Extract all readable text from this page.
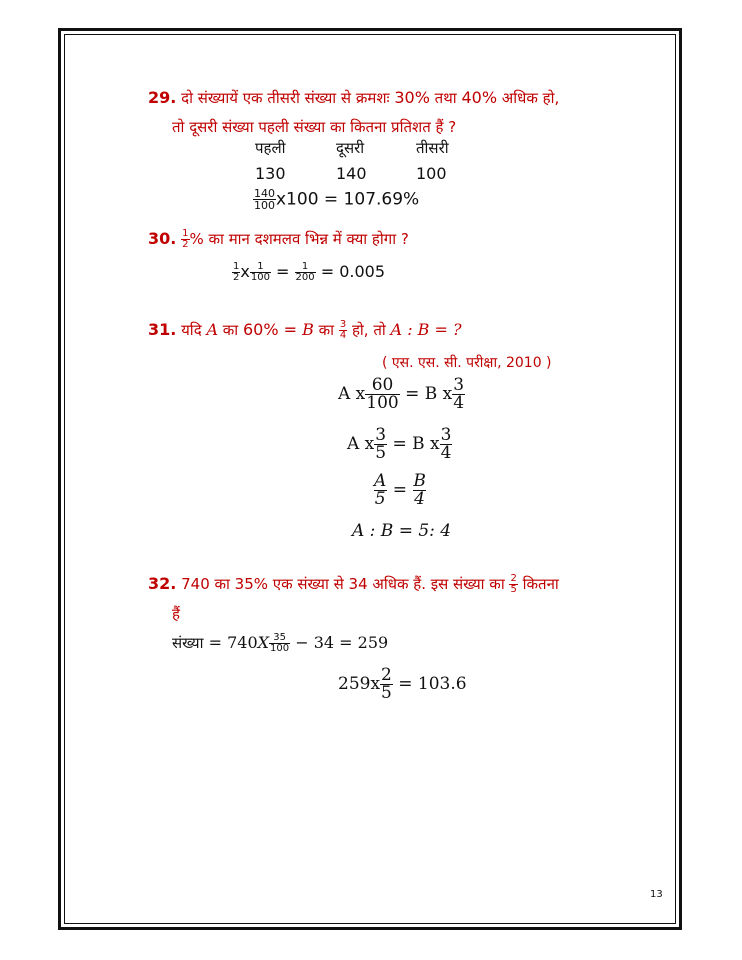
29. दो संख्यायें एक तीसरी संख्या से क्रमशः 30% तथा 40% अधिक हो,
तो दूसरी संख्या पहली संख्या का कितना प्रतिशत हैं ?
पहली	दूसरी	तीसरी
130	140	100
$\frac{140}{100} x100 = 107.69\%$
30. $\frac{1}{2}$ % का मान दशमलव भिन्न में क्या होगा ?
$\frac{1}{2}$ x $\frac{1}{100} = \frac{1}{200} = 0.005$
31. यदि A का 60% = B का $\frac{3}{4}$ हो, तो A : B = ?
( एस. एस. सी. परीक्षा, 2010 )
A x $\frac{60}{100} = B$ x $\frac{3}{4}$
A x $\frac{3}{5} = B$ x $\frac{3}{4}$
$\frac{A}{5} = \frac{B}{4}$
A : B = 5: 4
32. 740 का 35% एक संख्या से 34 अधिक हैं. इस संख्या का $\frac{2}{5}$ कितना
हैं
संख्या = $740X \frac{35}{100} - 34 = 259$
$259x \frac{2}{5} = 103.6$
13
